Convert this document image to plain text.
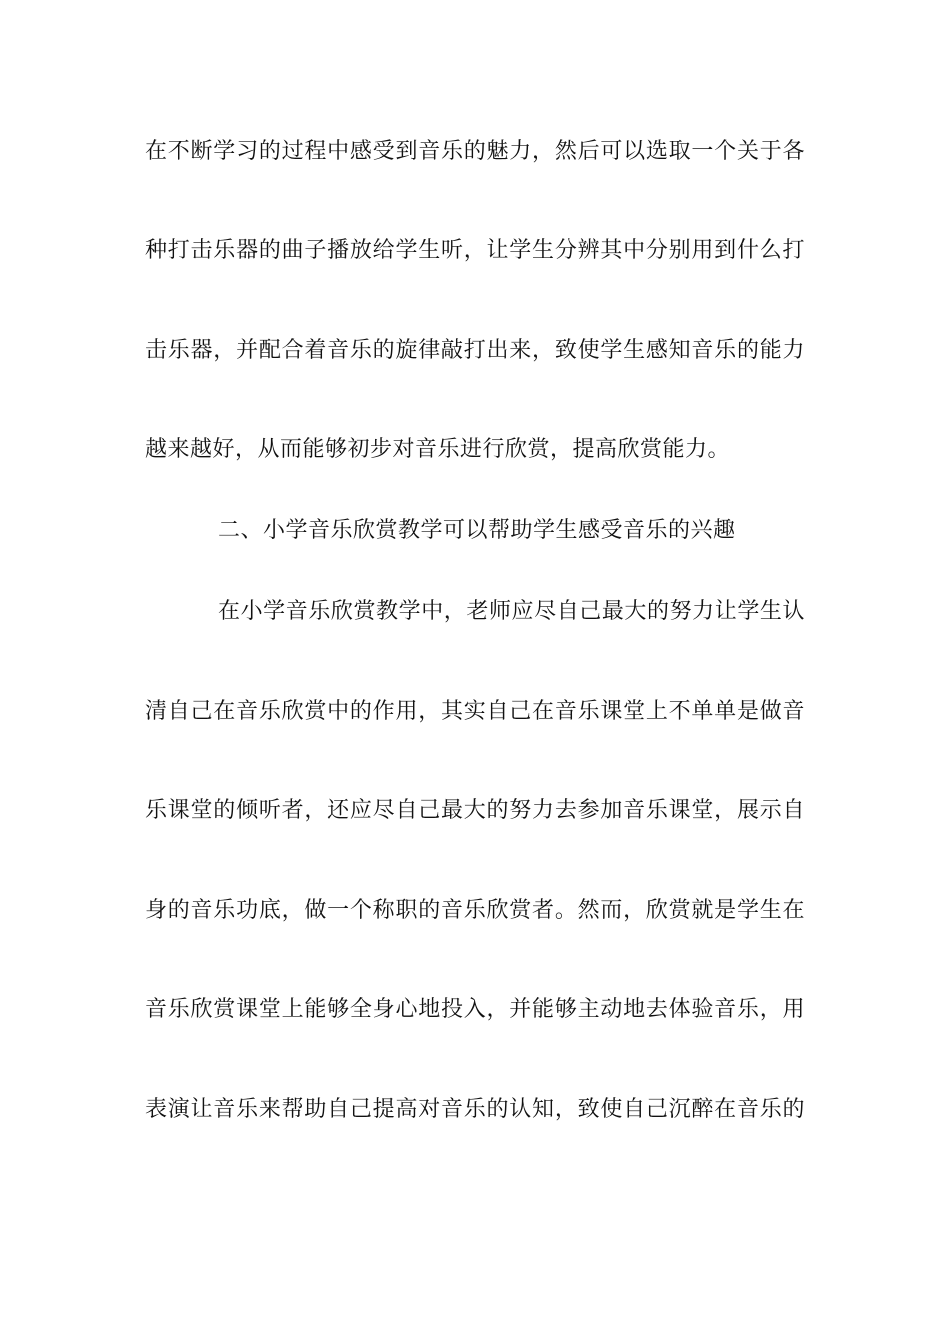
在不断学习的过程中感受到音乐的魅力，然后可以选取一个关于各
种打击乐器的曲子播放给学生听，让学生分辨其中分别用到什么打
击乐器，并配合着音乐的旋律敲打出来，致使学生感知音乐的能力
越来越好，从而能够初步对音乐进行欣赏，提高欣赏能力。
二、小学音乐欣赏教学可以帮助学生感受音乐的兴趣
在小学音乐欣赏教学中，老师应尽自己最大的努力让学生认
清自己在音乐欣赏中的作用，其实自己在音乐课堂上不单单是做音
乐课堂的倾听者，还应尽自己最大的努力去参加音乐课堂，展示自
身的音乐功底，做一个称职的音乐欣赏者。然而，欣赏就是学生在
音乐欣赏课堂上能够全身心地投入，并能够主动地去体验音乐，用
表演让音乐来帮助自己提高对音乐的认知，致使自己沉醉在音乐的
